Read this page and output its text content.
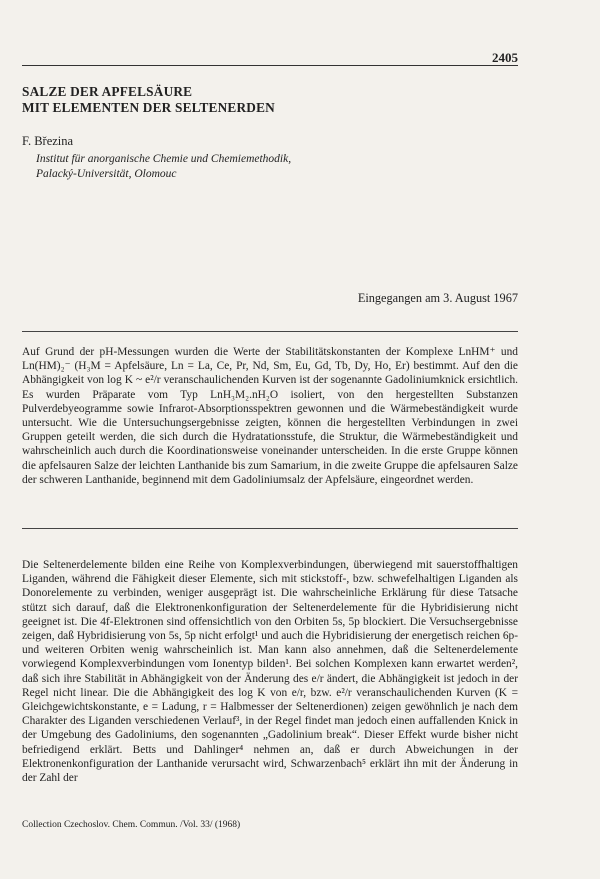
2405
SALZE DER APFELSÄURE
MIT ELEMENTEN DER SELTENERDEN
F. Březina
Institut für anorganische Chemie und Chemiemethodik,
Palacký-Universität, Olomouc
Eingegangen am 3. August 1967

Auf Grund der pH-Messungen wurden die Werte der Stabilitätskonstanten der Komplexe LnHM⁺ und Ln(HM)₂⁻ (H₃M = Apfelsäure, Ln = La, Ce, Pr, Nd, Sm, Eu, Gd, Tb, Dy, Ho, Er) bestimmt. Auf den die Abhängigkeit von log K ~ e²/r veranschaulichenden Kurven ist der sogenannte Gadoliniumknick ersichtlich. Es wurden Präparate vom Typ LnH₃M₂.nH₂O isoliert, von den hergestellten Substanzen Pulverdebyeogramme sowie Infrarot-Absorptionsspektren gewonnen und die Wärmebeständigkeit wurde untersucht. Wie die Untersuchungsergebnisse zeigten, können die hergestellten Verbindungen in zwei Gruppen geteilt werden, die sich durch die Hydratationsstufe, die Struktur, die Wärmebeständigkeit und wahrscheinlich auch durch die Koordinationsweise voneinander unterscheiden. In die erste Gruppe können die apfelsauren Salze der leichten Lanthanide bis zum Samarium, in die zweite Gruppe die apfelsauren Salze der schweren Lanthanide, beginnend mit dem Gadoliniumsalz der Apfelsäure, eingeordnet werden.

Die Seltenerdelemente bilden eine Reihe von Komplexverbindungen, überwiegend mit sauerstoffhaltigen Liganden, während die Fähigkeit dieser Elemente, sich mit stickstoff-, bzw. schwefelhaltigen Liganden als Donorelemente zu verbinden, weniger ausgeprägt ist. Die wahrscheinliche Erklärung für diese Tatsache stützt sich darauf, daß die Elektronenkonfiguration der Seltenerdelemente für die Hybridisierung nicht geeignet ist. Die 4f-Elektronen sind offensichtlich von den Orbiten 5s, 5p blockiert. Die Versuchsergebnisse zeigen, daß Hybridisierung von 5s, 5p nicht erfolgt¹ und auch die Hybridisierung der energetisch reichen 6p- und weiteren Orbiten wenig wahrscheinlich ist. Man kann also annehmen, daß die Seltenerdelemente vorwiegend Komplexverbindungen vom Ionentyp bilden¹. Bei solchen Komplexen kann erwartet werden², daß sich ihre Stabilität in Abhängigkeit von der Änderung des e/r ändert, die Abhängigkeit ist jedoch in der Regel nicht linear. Die die Abhängigkeit des log K von e/r, bzw. e²/r veranschaulichenden Kurven (K = Gleichgewichtskonstante, e = Ladung, r = Halbmesser der Seltenerdionen) zeigen gewöhnlich je nach dem Charakter des Liganden verschiedenen Verlauf³, in der Regel findet man jedoch einen auffallenden Knick in der Umgebung des Gadoliniums, den sogenannten „Gadolinium break“. Dieser Effekt wurde bisher nicht befriedigend erklärt. Betts und Dahlinger⁴ nehmen an, daß er durch Abweichungen in der Elektronenkonfiguration der Lanthanide verursacht wird, Schwarzenbach⁵ erklärt ihn mit der Änderung in der Zahl der

Collection Czechoslov. Chem. Commun. /Vol. 33/ (1968)
